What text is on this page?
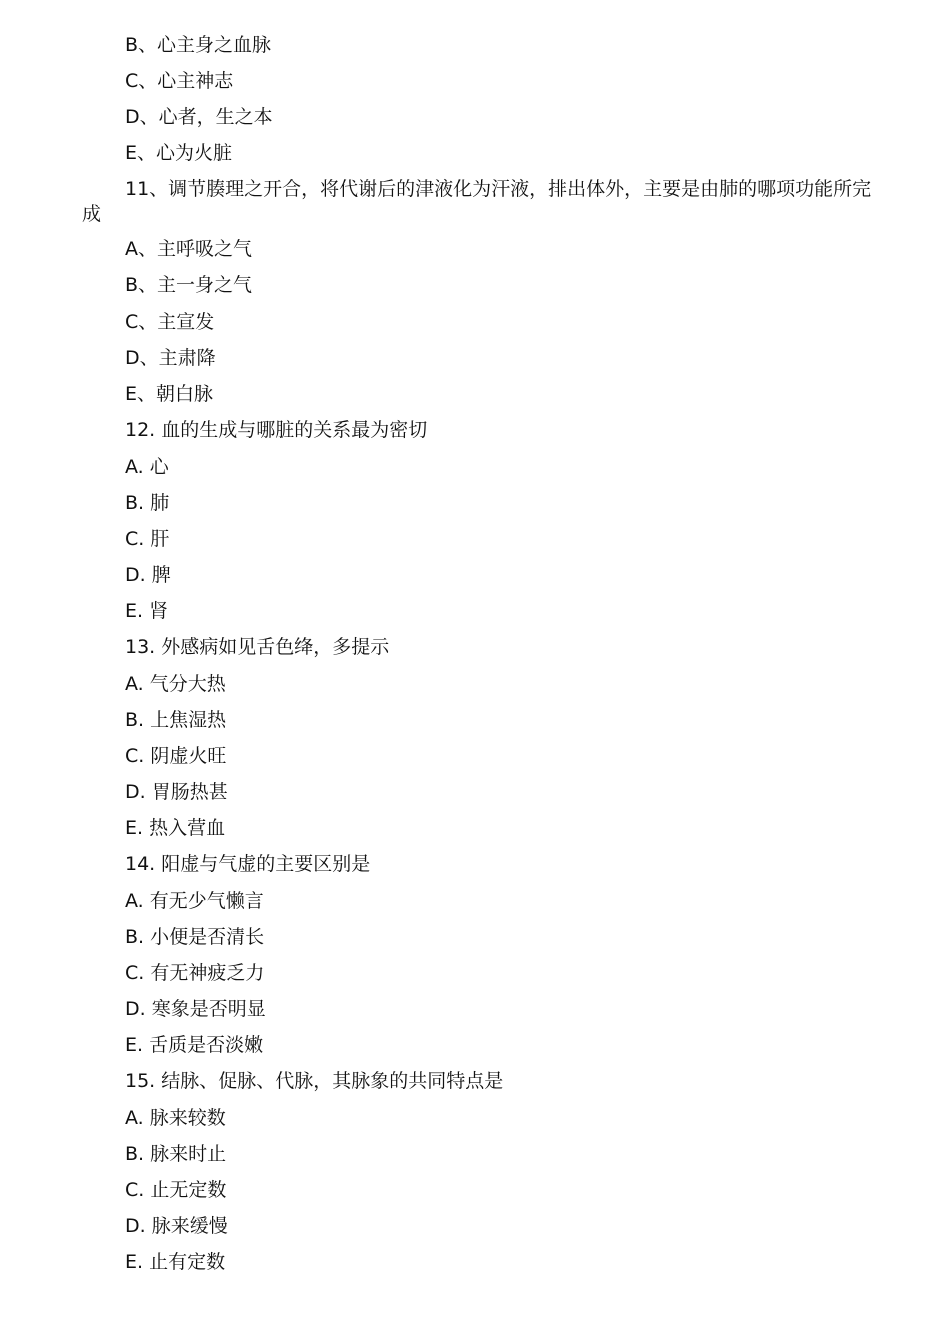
B、心主身之血脉
C、心主神志
D、心者，生之本
E、心为火脏
11、调节腠理之开合，将代谢后的津液化为汗液，排出体外，主要是由肺的哪项功能所完成
A、主呼吸之气
B、主一身之气
C、主宣发
D、主肃降
E、朝白脉
12. 血的生成与哪脏的关系最为密切
A. 心
B. 肺
C. 肝
D. 脾
E. 肾
13. 外感病如见舌色绛，多提示
A. 气分大热
B. 上焦湿热
C. 阴虚火旺
D. 胃肠热甚
E. 热入营血
14. 阳虚与气虚的主要区别是
A. 有无少气懒言
B. 小便是否清长
C. 有无神疲乏力
D. 寒象是否明显
E. 舌质是否淡嫩
15. 结脉、促脉、代脉，其脉象的共同特点是
A. 脉来较数
B. 脉来时止
C. 止无定数
D. 脉来缓慢
E. 止有定数
